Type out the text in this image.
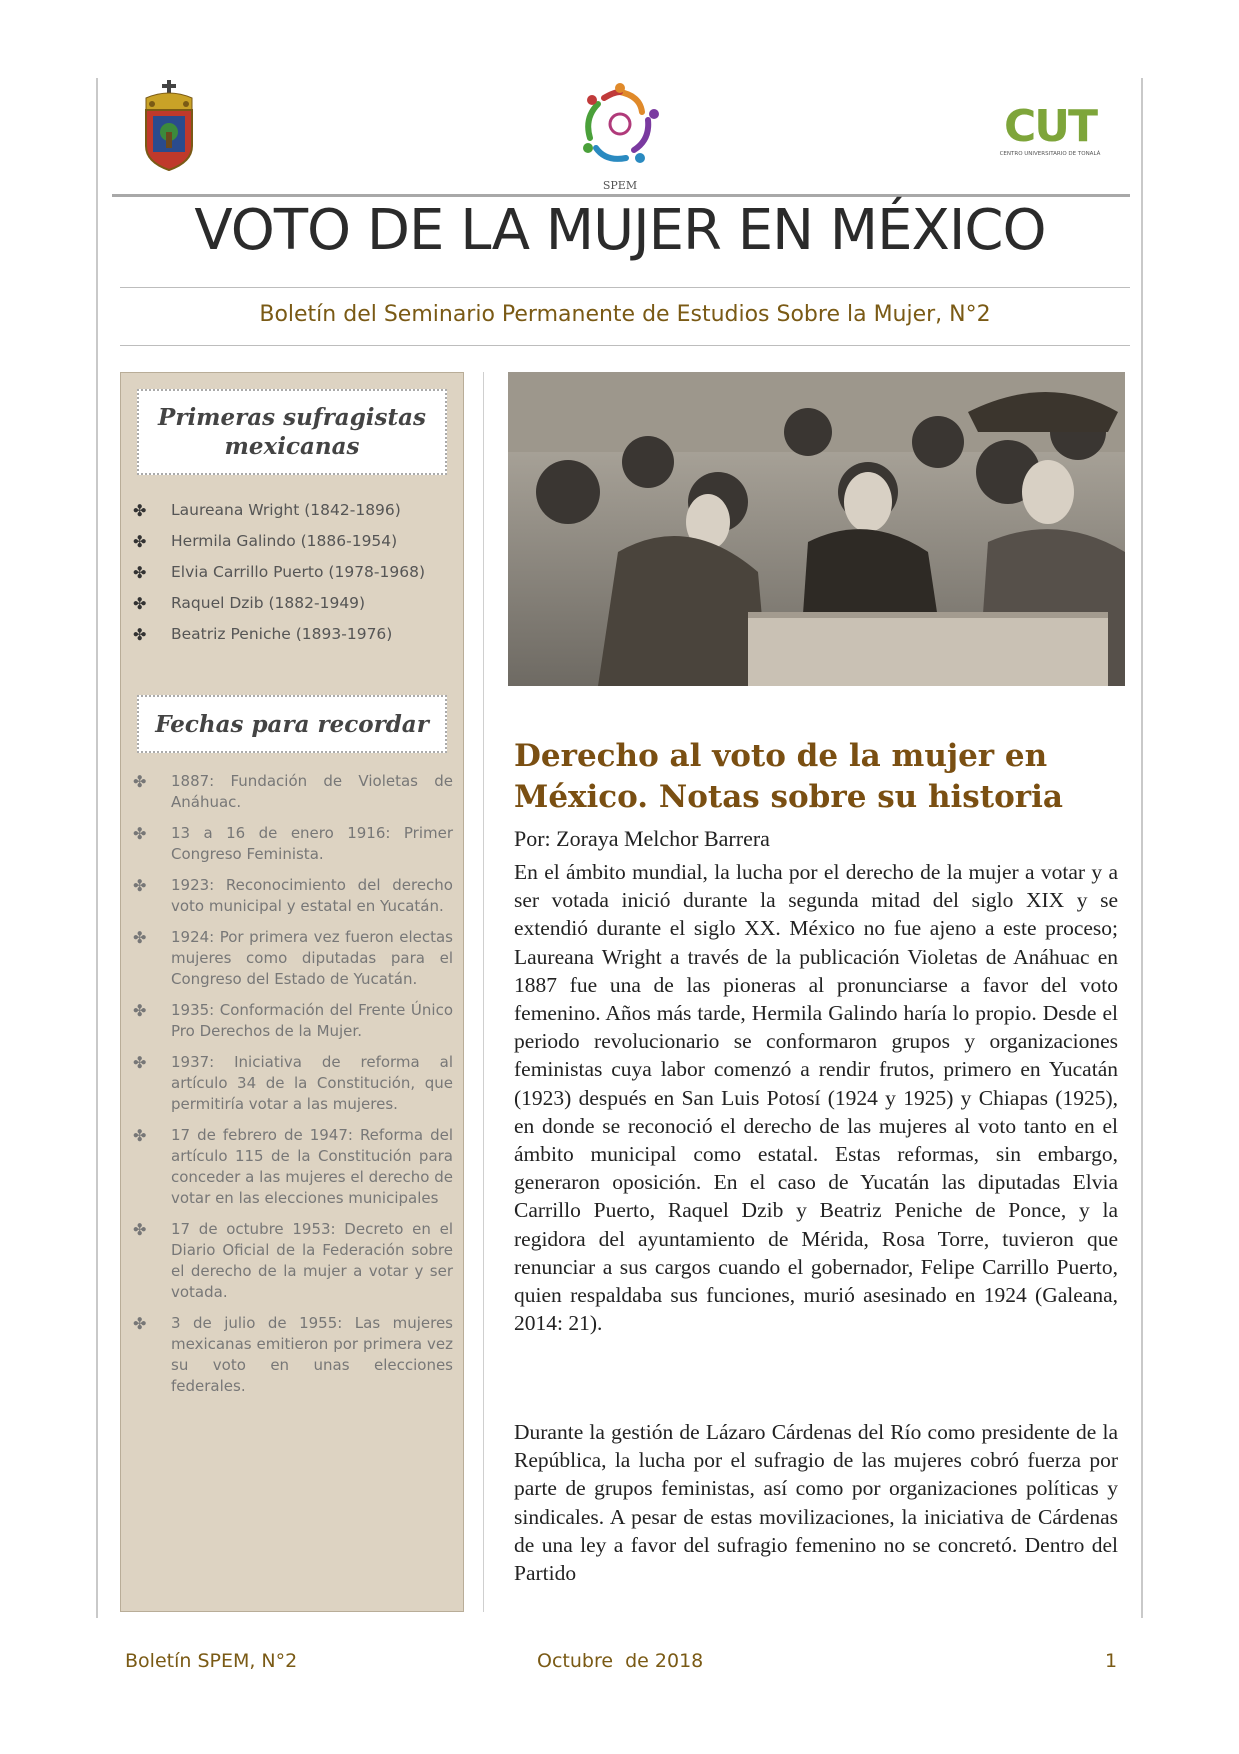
SPEM
CUT
CENTRO UNIVERSITARIO DE TONALÁ
VOTO DE LA MUJER EN MÉXICO
Boletín del Seminario Permanente de Estudios Sobre la Mujer, N°2
Primeras sufragistas mexicanas
✤ Laureana Wright (1842-1896)
✤ Hermila Galindo (1886-1954)
✤ Elvia Carrillo Puerto (1978-1968)
✤ Raquel Dzib (1882-1949)
✤ Beatriz Peniche (1893-1976)
Fechas para recordar
✤ 1887: Fundación de Violetas de Anáhuac.
✤ 13 a 16 de enero 1916: Primer Congreso Feminista.
✤ 1923: Reconocimiento del derecho voto municipal y estatal en Yucatán.
✤ 1924: Por primera vez fueron electas mujeres como diputadas para el Congreso del Estado de Yucatán.
✤ 1935: Conformación del Frente Único Pro Derechos de la Mujer.
✤ 1937: Iniciativa de reforma al artículo 34 de la Constitución, que permitiría votar a las mujeres.
✤ 17 de febrero de 1947: Reforma del artículo 115 de la Constitución para conceder a las mujeres el derecho de votar en las elecciones municipales
✤ 17 de octubre 1953: Decreto en el Diario Oficial de la Federación sobre el derecho de la mujer a votar y ser votada.
✤ 3 de julio de 1955: Las mujeres mexicanas emitieron por primera vez su voto en unas elecciones federales.
Derecho al voto de la mujer en México. Notas sobre su historia
Por: Zoraya Melchor Barrera

En el ámbito mundial, la lucha por el derecho de la mujer a votar y a ser votada inició durante la segunda mitad del siglo XIX y se extendió durante el siglo XX. México no fue ajeno a este proceso; Laureana Wright a través de la publicación Violetas de Anáhuac en 1887 fue una de las pioneras al pronunciarse a favor del voto femenino. Años más tarde, Hermila Galindo haría lo propio. Desde el periodo revolucionario se conformaron grupos y organizaciones feministas cuya labor comenzó a rendir frutos, primero en Yucatán (1923) después en San Luis Potosí (1924 y 1925) y Chiapas (1925), en donde se reconoció el derecho de las mujeres al voto tanto en el ámbito municipal como estatal. Estas reformas, sin embargo, generaron oposición. En el caso de Yucatán las diputadas Elvia Carrillo Puerto, Raquel Dzib y Beatriz Peniche de Ponce, y la regidora del ayuntamiento de Mérida, Rosa Torre, tuvieron que renunciar a sus cargos cuando el gobernador, Felipe Carrillo Puerto, quien respaldaba sus funciones, murió asesinado en 1924 (Galeana, 2014: 21).

Durante la gestión de Lázaro Cárdenas del Río como presidente de la República, la lucha por el sufragio de las mujeres cobró fuerza por parte de grupos feministas, así como por organizaciones políticas y sindicales. A pesar de estas movilizaciones, la iniciativa de Cárdenas de una ley a favor del sufragio femenino no se concretó. Dentro del Partido

Boletín SPEM, N°2	Octubre  de 2018	1
